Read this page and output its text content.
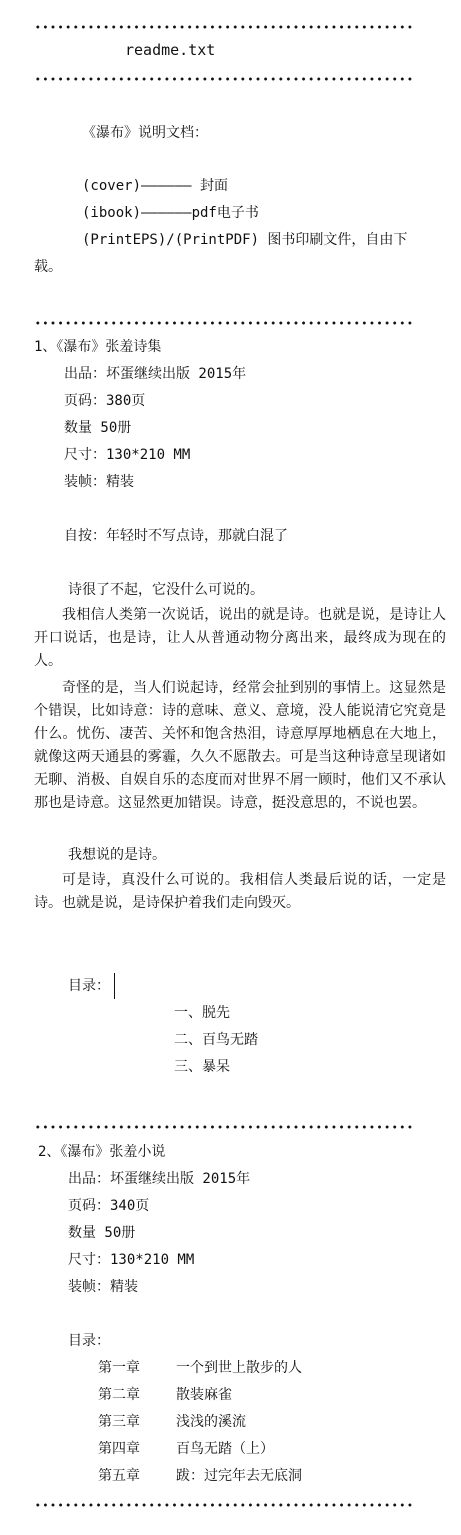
readme.txt
《瀑布》说明文档：
(cover)—————— 封面
(ibook)——————pdf电子书
(PrintEPS)/(PrintPDF) 图书印刷文件，自由下
载。
1、《瀑布》张羞诗集
出品：坏蛋继续出版 2015年
页码：380页
数量 50册
尺寸：130*210 MM
装帧：精装
自按：年轻时不写点诗，那就白混了
诗很了不起，它没什么可说的。
我相信人类第一次说话，说出的就是诗。也就是说，是诗让人开口说话，也是诗，让人从普通动物分离出来，最终成为现在的人。
奇怪的是，当人们说起诗，经常会扯到别的事情上。这显然是个错误，比如诗意：诗的意味、意义、意境，没人能说清它究竟是什么。忧伤、凄苦、关怀和饱含热泪，诗意厚厚地栖息在大地上，就像这两天通县的雾霾，久久不愿散去。可是当这种诗意呈现诸如无聊、消极、自娱自乐的态度而对世界不屑一顾时，他们又不承认那也是诗意。这显然更加错误。诗意，挺没意思的，不说也罢。
我想说的是诗。
可是诗，真没什么可说的。我相信人类最后说的话，一定是诗。也就是说，是诗保护着我们走向毁灭。
目录：
一、脱先
二、百鸟无踏
三、暴呆
2、《瀑布》张羞小说
出品：坏蛋继续出版 2015年
页码：340页
数量 50册
尺寸：130*210 MM
装帧：精装
目录：
第一章	一个到世上散步的人
第二章	散装麻雀
第三章	浅浅的溪流
第四章	百鸟无踏（上）
第五章	跋：过完年去无底洞
